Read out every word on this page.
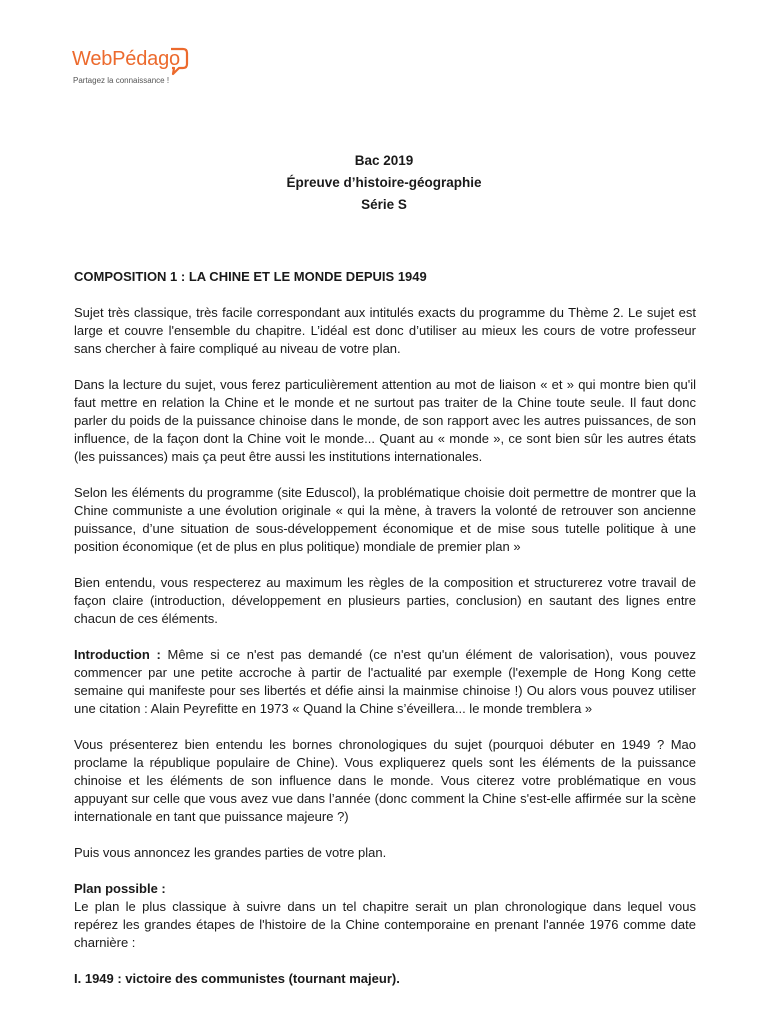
WebPédago
Partagez la connaissance !
Bac 2019
Épreuve d’histoire-géographie
Série S

COMPOSITION 1 : LA CHINE ET LE MONDE DEPUIS 1949

Sujet très classique, très facile correspondant aux intitulés exacts du programme du Thème 2. Le sujet est large et couvre l'ensemble du chapitre. L’idéal est donc d’utiliser au mieux les cours de votre professeur sans chercher à faire compliqué au niveau de votre plan.

Dans la lecture du sujet, vous ferez particulièrement attention au mot de liaison « et » qui montre bien qu'il faut mettre en relation la Chine et le monde et ne surtout pas traiter de la Chine toute seule. Il faut donc parler du poids de la puissance chinoise dans le monde, de son rapport avec les autres puissances, de son influence, de la façon dont la Chine voit le monde... Quant au « monde », ce sont bien sûr les autres états (les puissances) mais ça peut être aussi les institutions internationales.

Selon les éléments du programme (site Eduscol), la problématique choisie doit permettre de montrer que la Chine communiste a une évolution originale « qui la mène, à travers la volonté de retrouver son ancienne puissance, d’une situation de sous-développement économique et de mise sous tutelle politique à une position économique (et de plus en plus politique) mondiale de premier plan »

Bien entendu, vous respecterez au maximum les règles de la composition et structurerez votre travail de façon claire (introduction, développement en plusieurs parties, conclusion) en sautant des lignes entre chacun de ces éléments.

Introduction : Même si ce n'est pas demandé (ce n'est qu'un élément de valorisation), vous pouvez commencer par une petite accroche à partir de l'actualité par exemple (l'exemple de Hong Kong cette semaine qui manifeste pour ses libertés et défie ainsi la mainmise chinoise !) Ou alors vous pouvez utiliser une citation : Alain Peyrefitte en 1973 « Quand la Chine s’éveillera... le monde tremblera »

Vous présenterez bien entendu les bornes chronologiques du sujet (pourquoi débuter en 1949 ? Mao proclame la république populaire de Chine). Vous expliquerez quels sont les éléments de la puissance chinoise et les éléments de son influence dans le monde. Vous citerez votre problématique en vous appuyant sur celle que vous avez vue dans l’année (donc comment la Chine s'est-elle affirmée sur la scène internationale en tant que puissance majeure ?)

Puis vous annoncez les grandes parties de votre plan.

Plan possible :
Le plan le plus classique à suivre dans un tel chapitre serait un plan chronologique dans lequel vous repérez les grandes étapes de l'histoire de la Chine contemporaine en prenant l'année 1976 comme date charnière :

I. 1949 : victoire des communistes (tournant majeur).
